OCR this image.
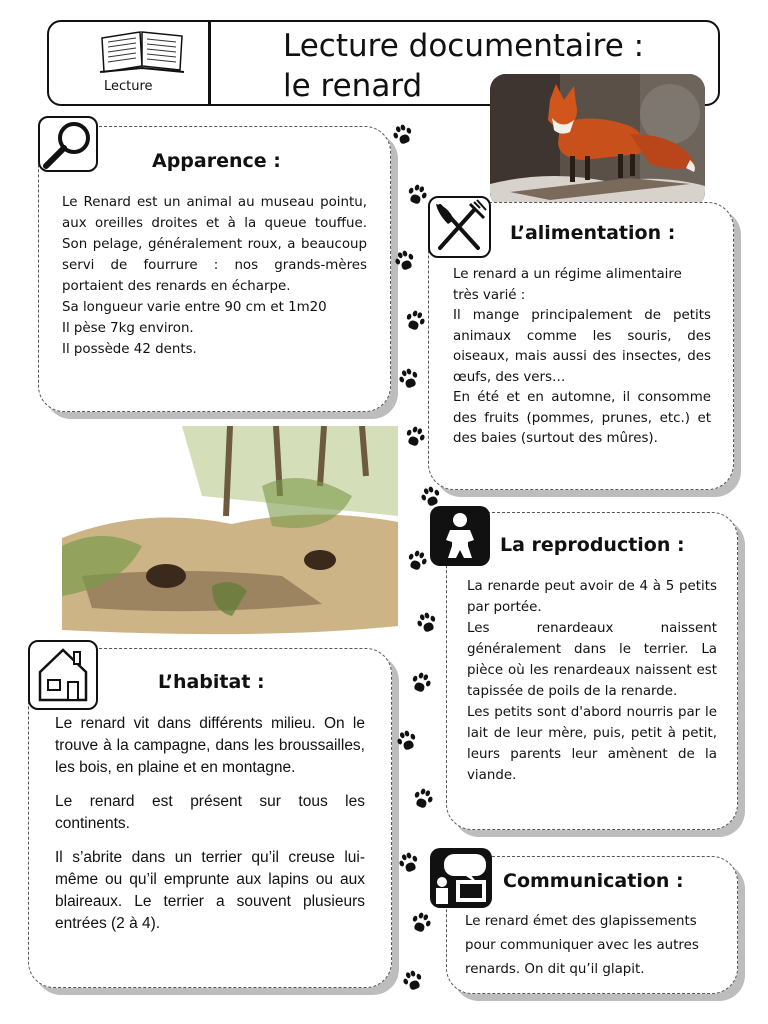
Lecture
Lecture documentaire :
le renard
Apparence :

Le Renard est un animal au museau pointu, aux oreilles droites et à la queue touffue. Son pelage, généralement roux, a beaucoup servi de fourrure : nos grands-mères portaient des renards en écharpe.

Sa longueur varie entre 90 cm et 1m20

Il pèse 7kg environ.

Il possède 42 dents.

L’alimentation :

Le renard a un régime alimentaire très varié :

Il mange principalement de petits animaux comme les souris, des oiseaux, mais aussi des insectes, des œufs, des vers…

En été et en automne, il consomme des fruits (pommes, prunes, etc.) et des baies (surtout des mûres).

La reproduction :

La renarde peut avoir de 4 à 5 petits par portée.

Les renardeaux naissent généralement dans le terrier. La pièce où les renardeaux naissent est tapissée de poils de la renarde.

Les petits sont d'abord nourris par le lait de leur mère, puis, petit à petit, leurs parents leur amènent de la viande.

L’habitat :

Le renard vit dans différents milieu. On le trouve à la campagne, dans les broussailles, les bois, en plaine et en montagne.

Le renard est présent sur tous les continents.

Il s’abrite dans un terrier qu’il creuse lui-même ou qu’il emprunte aux lapins ou aux blaireaux. Le terrier a souvent plusieurs entrées (2 à 4).

Communication :
Le renard émet des glapissements pour communiquer avec les autres renards. On dit qu’il glapit.
